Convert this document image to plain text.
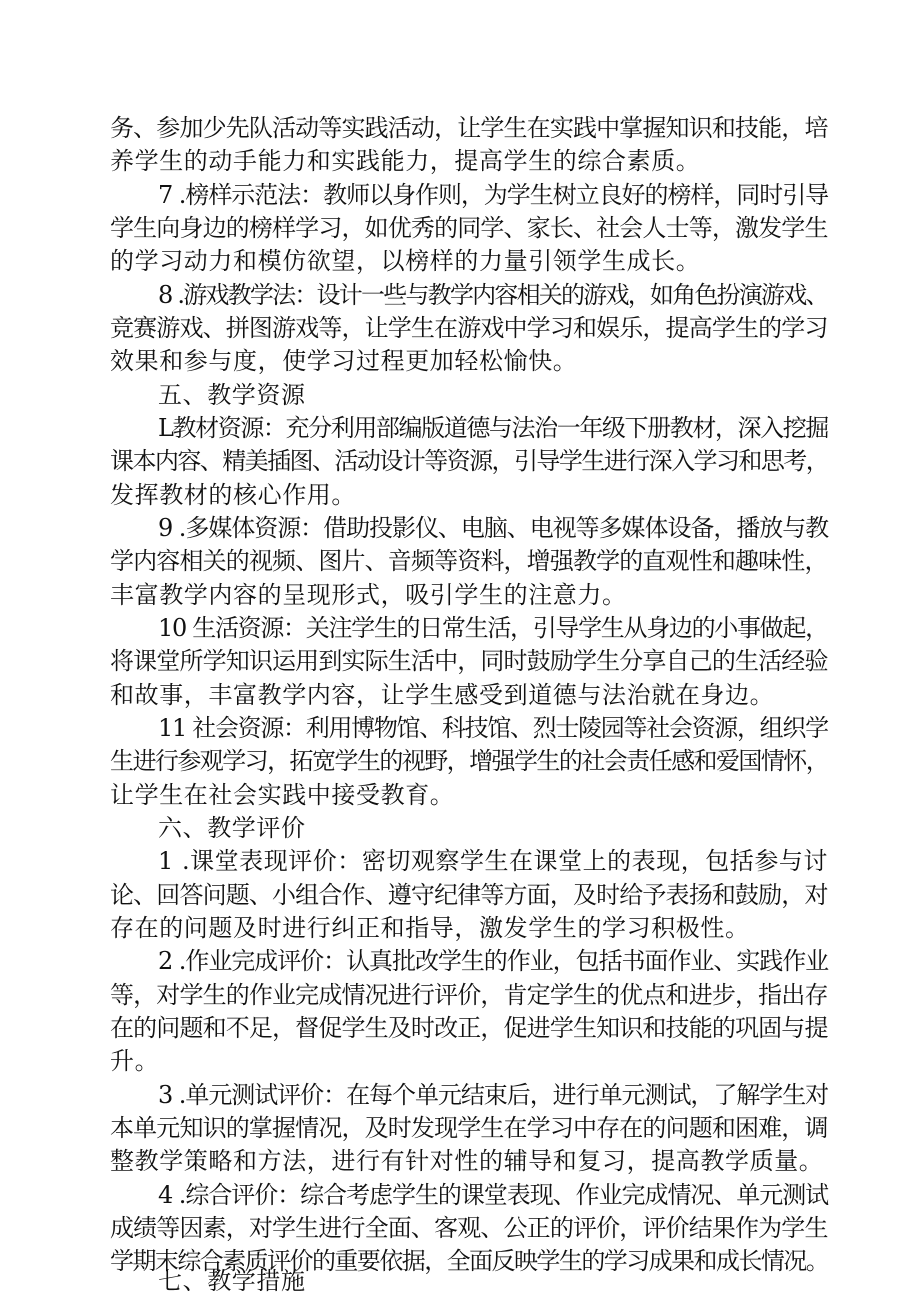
务、参加少先队活动等实践活动，让学生在实践中掌握知识和技能，培
养学生的动手能力和实践能力，提高学生的综合素质。
7 .榜样示范法：教师以身作则，为学生树立良好的榜样，同时引导
学生向身边的榜样学习，如优秀的同学、家长、社会人士等，激发学生
的学习动力和模仿欲望，以榜样的力量引领学生成长。
8 .游戏教学法：设计一些与教学内容相关的游戏，如角色扮演游戏、
竞赛游戏、拼图游戏等，让学生在游戏中学习和娱乐，提高学生的学习
效果和参与度，使学习过程更加轻松愉快。
五、教学资源
L教材资源：充分利用部编版道德与法治一年级下册教材，深入挖掘
课本内容、精美插图、活动设计等资源，引导学生进行深入学习和思考，
发挥教材的核心作用。
9 .多媒体资源：借助投影仪、电脑、电视等多媒体设备，播放与教
学内容相关的视频、图片、音频等资料，增强教学的直观性和趣味性，
丰富教学内容的呈现形式，吸引学生的注意力。
10 生活资源：关注学生的日常生活，引导学生从身边的小事做起，
将课堂所学知识运用到实际生活中，同时鼓励学生分享自己的生活经验
和故事，丰富教学内容，让学生感受到道德与法治就在身边。
11 社会资源：利用博物馆、科技馆、烈士陵园等社会资源，组织学
生进行参观学习，拓宽学生的视野，增强学生的社会责任感和爱国情怀，
让学生在社会实践中接受教育。
六、教学评价
1 .课堂表现评价：密切观察学生在课堂上的表现，包括参与讨
论、回答问题、小组合作、遵守纪律等方面，及时给予表扬和鼓励，对
存在的问题及时进行纠正和指导，激发学生的学习积极性。
2 .作业完成评价：认真批改学生的作业，包括书面作业、实践作业
等，对学生的作业完成情况进行评价，肯定学生的优点和进步，指出存
在的问题和不足，督促学生及时改正，促进学生知识和技能的巩固与提
升。
3 .单元测试评价：在每个单元结束后，进行单元测试，了解学生对
本单元知识的掌握情况，及时发现学生在学习中存在的问题和困难，调
整教学策略和方法，进行有针对性的辅导和复习，提高教学质量。
4 .综合评价：综合考虑学生的课堂表现、作业完成情况、单元测试
成绩等因素，对学生进行全面、客观、公正的评价，评价结果作为学生
学期末综合素质评价的重要依据，全面反映学生的学习成果和成长情况。
七、教学措施
